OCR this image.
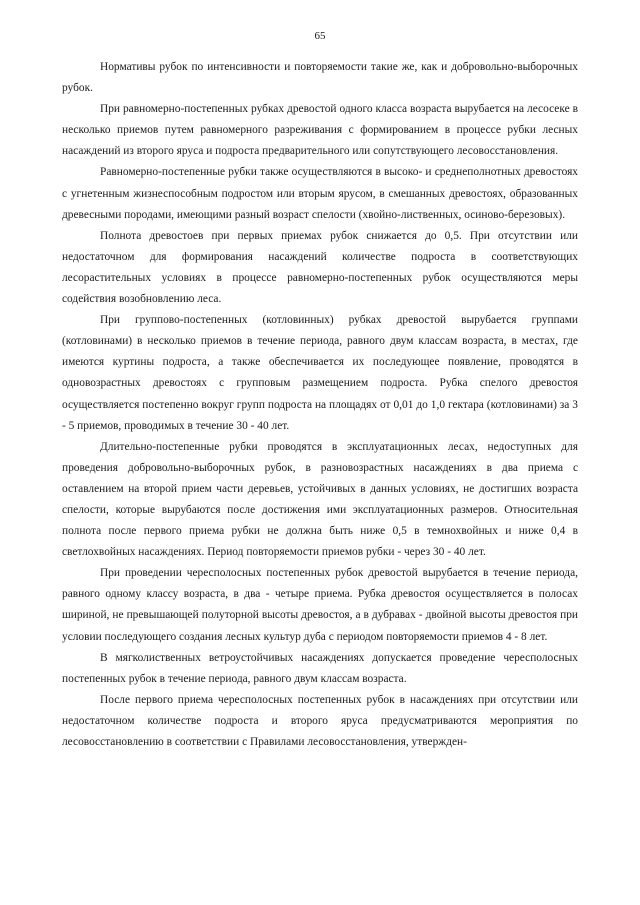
65

Нормативы рубок по интенсивности и повторяемости такие же, как и добровольно-выборочных рубок.

При равномерно-постепенных рубках древостой одного класса возраста вырубается на лесосеке в несколько приемов путем равномерного разреживания с формированием в процессе рубки лесных насаждений из второго яруса и подроста предварительного или сопутствующего лесовосстановления.

Равномерно-постепенные рубки также осуществляются в высоко- и среднеполнотных древостоях с угнетенным жизнеспособным подростом или вторым ярусом, в смешанных древостоях, образованных древесными породами, имеющими разный возраст спелости (хвойно-лиственных, осиново-березовых).

Полнота древостоев при первых приемах рубок снижается до 0,5. При отсутствии или недостаточном для формирования насаждений количестве подроста в соответствующих лесорастительных условиях в процессе равномерно-постепенных рубок осуществляются меры содействия возобновлению леса.

При группово-постепенных (котловинных) рубках древостой вырубается группами (котловинами) в несколько приемов в течение периода, равного двум классам возраста, в местах, где имеются куртины подроста, а также обеспечивается их последующее появление, проводятся в одновозрастных древостоях с групповым размещением подроста. Рубка спелого древостоя осуществляется постепенно вокруг групп подроста на площадях от 0,01 до 1,0 гектара (котловинами) за 3 - 5 приемов, проводимых в течение 30 - 40 лет.

Длительно-постепенные рубки проводятся в эксплуатационных лесах, недоступных для проведения добровольно-выборочных рубок, в разновозрастных насаждениях в два приема с оставлением на второй прием части деревьев, устойчивых в данных условиях, не достигших возраста спелости, которые вырубаются после достижения ими эксплуатационных размеров. Относительная полнота после первого приема рубки не должна быть ниже 0,5 в темнохвойных и ниже 0,4 в светлохвойных насаждениях. Период повторяемости приемов рубки - через 30 - 40 лет.

При проведении чересполосных постепенных рубок древостой вырубается в течение периода, равного одному классу возраста, в два - четыре приема. Рубка древостоя осуществляется в полосах шириной, не превышающей полуторной высоты древостоя, а в дубравах - двойной высоты древостоя при условии последующего создания лесных культур дуба с периодом повторяемости приемов 4 - 8 лет.

В мягколиственных ветроустойчивых насаждениях допускается проведение чересполосных постепенных рубок в течение периода, равного двум классам возраста.

После первого приема чересполосных постепенных рубок в насаждениях при отсутствии или недостаточном количестве подроста и второго яруса предусматриваются мероприятия по лесовосстановлению в соответствии с Правилами лесовосстановления, утвержден-
